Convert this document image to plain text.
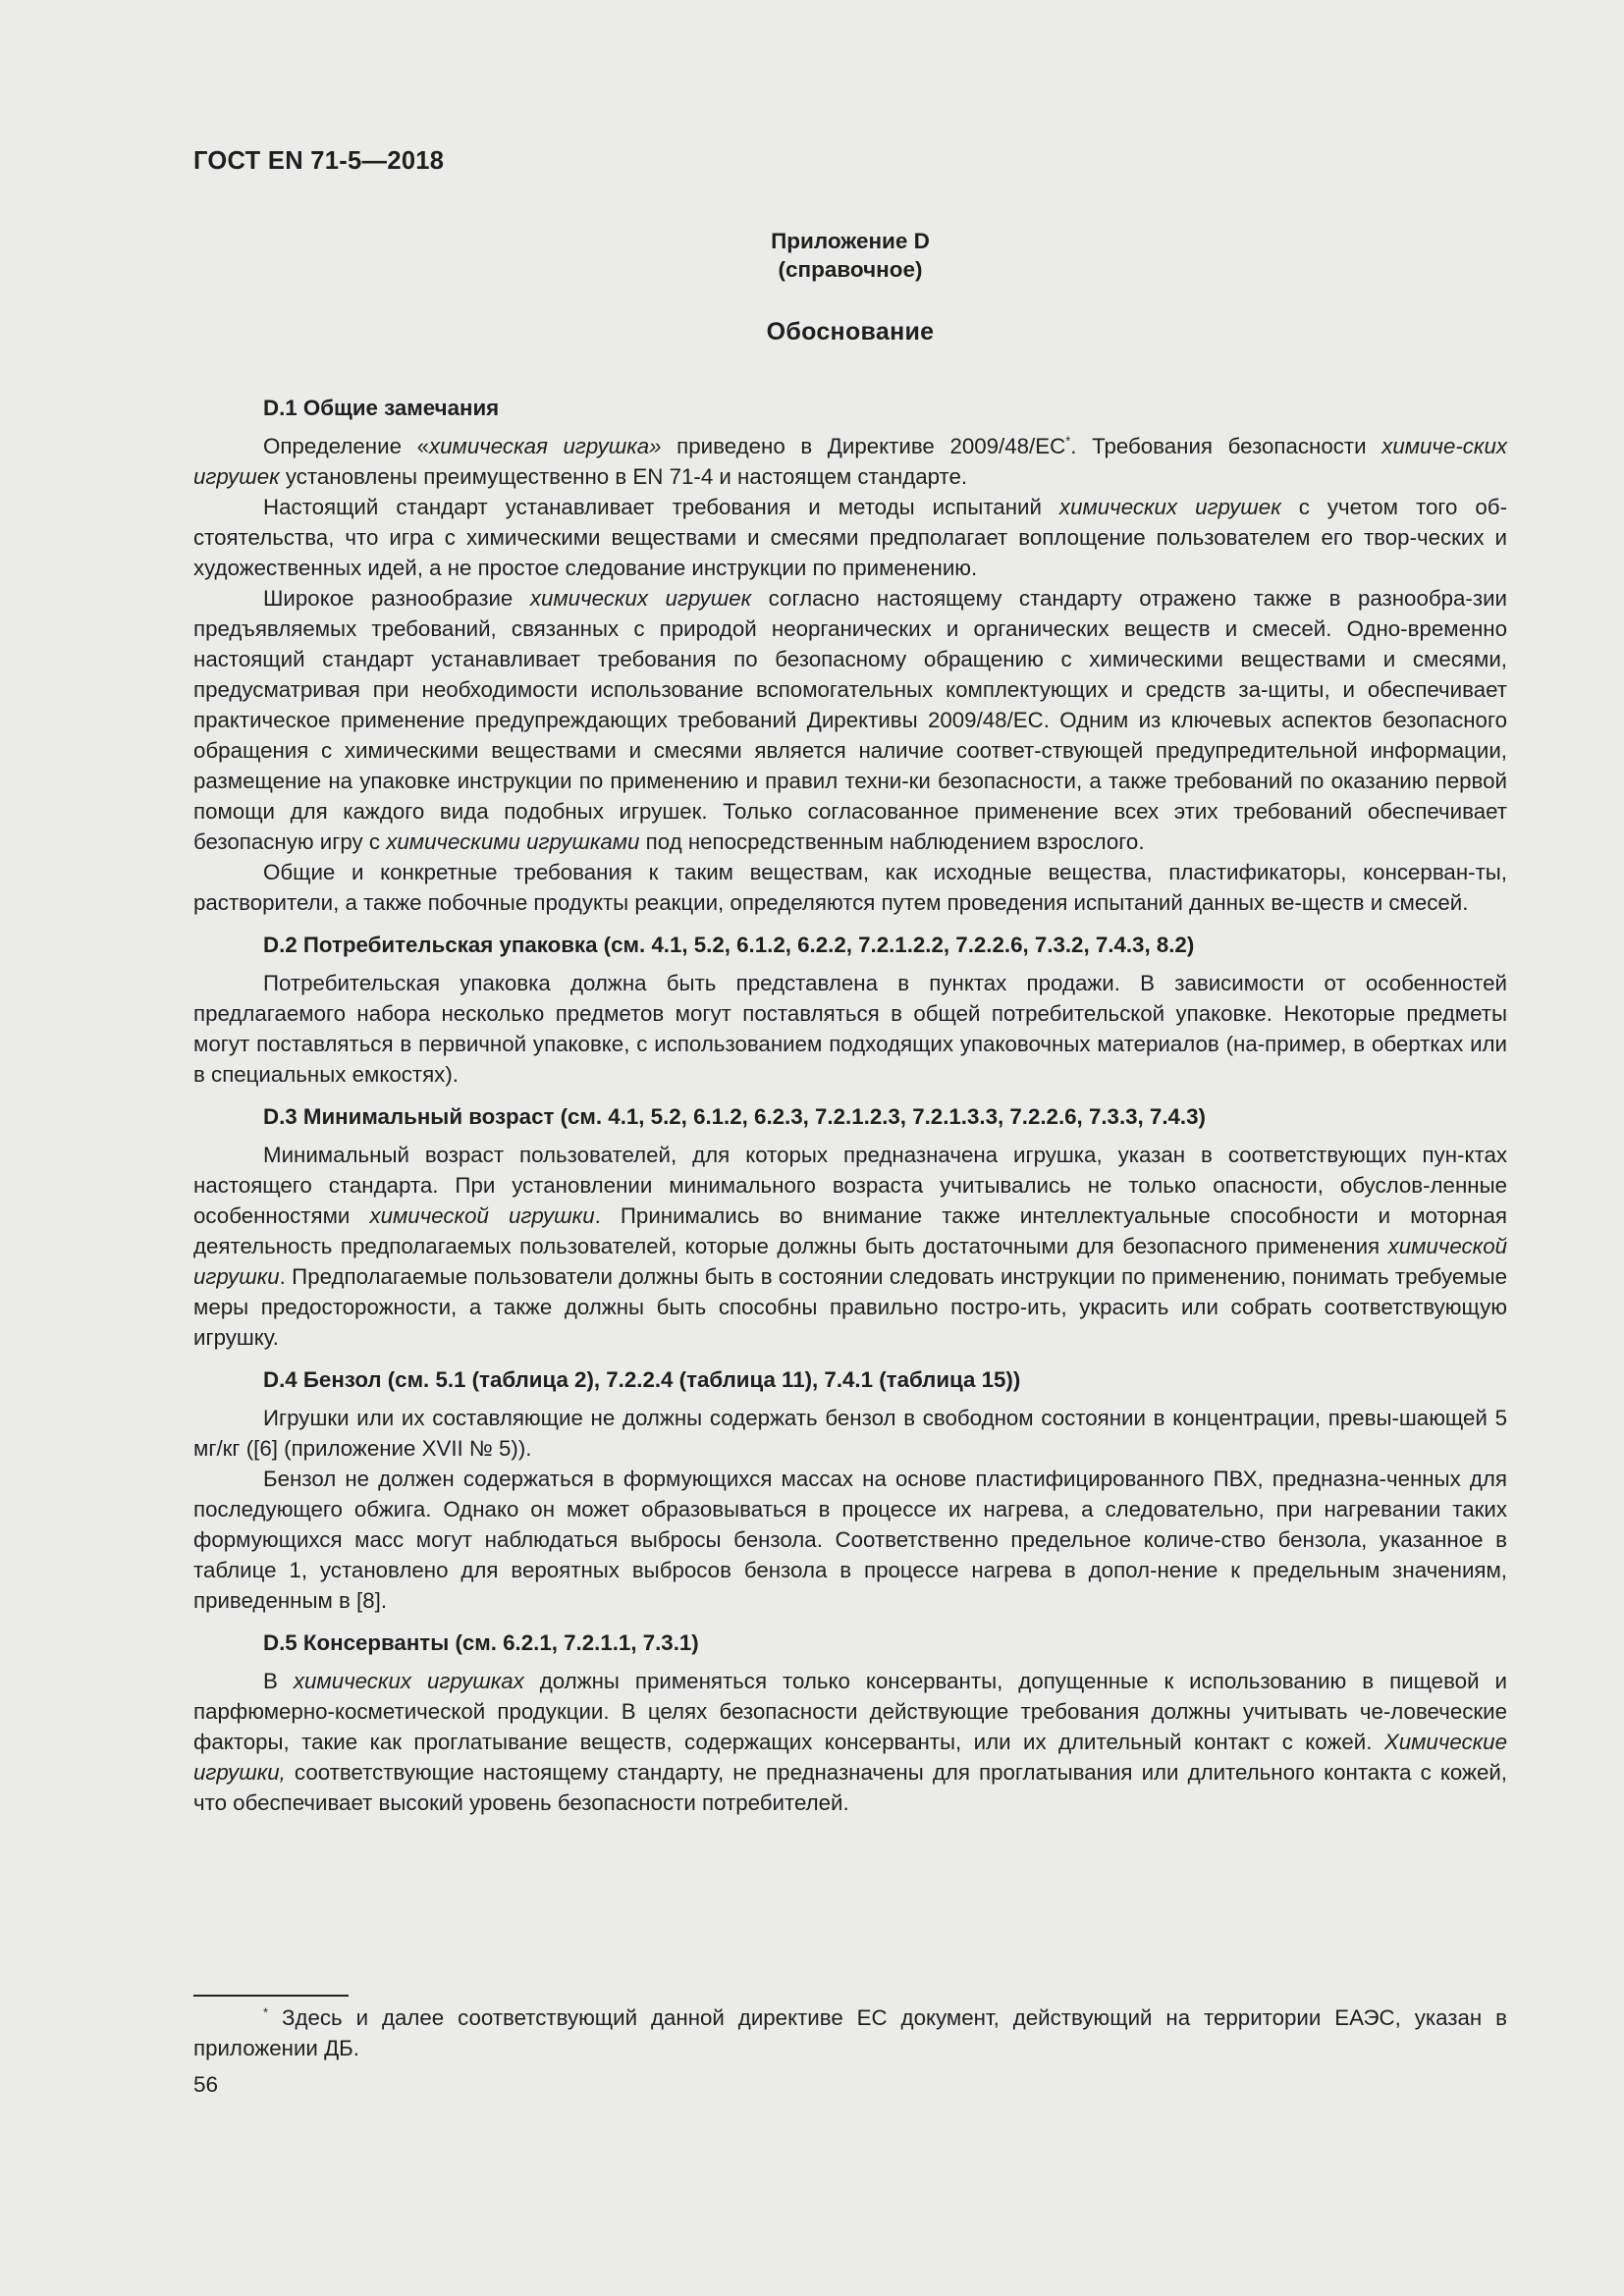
ГОСТ EN 71-5—2018
Приложение D
(справочное)
Обоснование
D.1 Общие замечания

Определение «химическая игрушка» приведено в Директиве 2009/48/ЕС*. Требования безопасности химиче-ских игрушек установлены преимущественно в EN 71-4 и настоящем стандарте.

Настоящий стандарт устанавливает требования и методы испытаний химических игрушек с учетом того об-стоятельства, что игра с химическими веществами и смесями предполагает воплощение пользователем его твор-ческих и художественных идей, а не простое следование инструкции по применению.

Широкое разнообразие химических игрушек согласно настоящему стандарту отражено также в разнообра-зии предъявляемых требований, связанных с природой неорганических и органических веществ и смесей. Одно-временно настоящий стандарт устанавливает требования по безопасному обращению с химическими веществами и смесями, предусматривая при необходимости использование вспомогательных комплектующих и средств за-щиты, и обеспечивает практическое применение предупреждающих требований Директивы 2009/48/ЕС. Одним из ключевых аспектов безопасного обращения с химическими веществами и смесями является наличие соответ-ствующей предупредительной информации, размещение на упаковке инструкции по применению и правил техни-ки безопасности, а также требований по оказанию первой помощи для каждого вида подобных игрушек. Только согласованное применение всех этих требований обеспечивает безопасную игру с химическими игрушками под непосредственным наблюдением взрослого.

Общие и конкретные требования к таким веществам, как исходные вещества, пластификаторы, консерван-ты, растворители, а также побочные продукты реакции, определяются путем проведения испытаний данных ве-ществ и смесей.

D.2 Потребительская упаковка (см. 4.1, 5.2, 6.1.2, 6.2.2, 7.2.1.2.2, 7.2.2.6, 7.3.2, 7.4.3, 8.2)

Потребительская упаковка должна быть представлена в пунктах продажи. В зависимости от особенностей предлагаемого набора несколько предметов могут поставляться в общей потребительской упаковке. Некоторые предметы могут поставляться в первичной упаковке, с использованием подходящих упаковочных материалов (на-пример, в обертках или в специальных емкостях).

D.3 Минимальный возраст (см. 4.1, 5.2, 6.1.2, 6.2.3, 7.2.1.2.3, 7.2.1.3.3, 7.2.2.6, 7.3.3, 7.4.3)

Минимальный возраст пользователей, для которых предназначена игрушка, указан в соответствующих пун-ктах настоящего стандарта. При установлении минимального возраста учитывались не только опасности, обуслов-ленные особенностями химической игрушки. Принимались во внимание также интеллектуальные способности и моторная деятельность предполагаемых пользователей, которые должны быть достаточными для безопасного применения химической игрушки. Предполагаемые пользователи должны быть в состоянии следовать инструкции по применению, понимать требуемые меры предосторожности, а также должны быть способны правильно постро-ить, украсить или собрать соответствующую игрушку.

D.4 Бензол (см. 5.1 (таблица 2), 7.2.2.4 (таблица 11), 7.4.1 (таблица 15))

Игрушки или их составляющие не должны содержать бензол в свободном состоянии в концентрации, превы-шающей 5 мг/кг ([6] (приложение XVII № 5)).

Бензол не должен содержаться в формующихся массах на основе пластифицированного ПВХ, предназна-ченных для последующего обжига. Однако он может образовываться в процессе их нагрева, а следовательно, при нагревании таких формующихся масс могут наблюдаться выбросы бензола. Соответственно предельное количе-ство бензола, указанное в таблице 1, установлено для вероятных выбросов бензола в процессе нагрева в допол-нение к предельным значениям, приведенным в [8].

D.5 Консерванты (см. 6.2.1, 7.2.1.1, 7.3.1)

В химических игрушках должны применяться только консерванты, допущенные к использованию в пищевой и парфюмерно-косметической продукции. В целях безопасности действующие требования должны учитывать че-ловеческие факторы, такие как проглатывание веществ, содержащих консерванты, или их длительный контакт с кожей. Химические игрушки, соответствующие настоящему стандарту, не предназначены для проглатывания или длительного контакта с кожей, что обеспечивает высокий уровень безопасности потребителей.

* Здесь и далее соответствующий данной директиве ЕС документ, действующий на территории ЕАЭС, указан в приложении ДБ.
56
